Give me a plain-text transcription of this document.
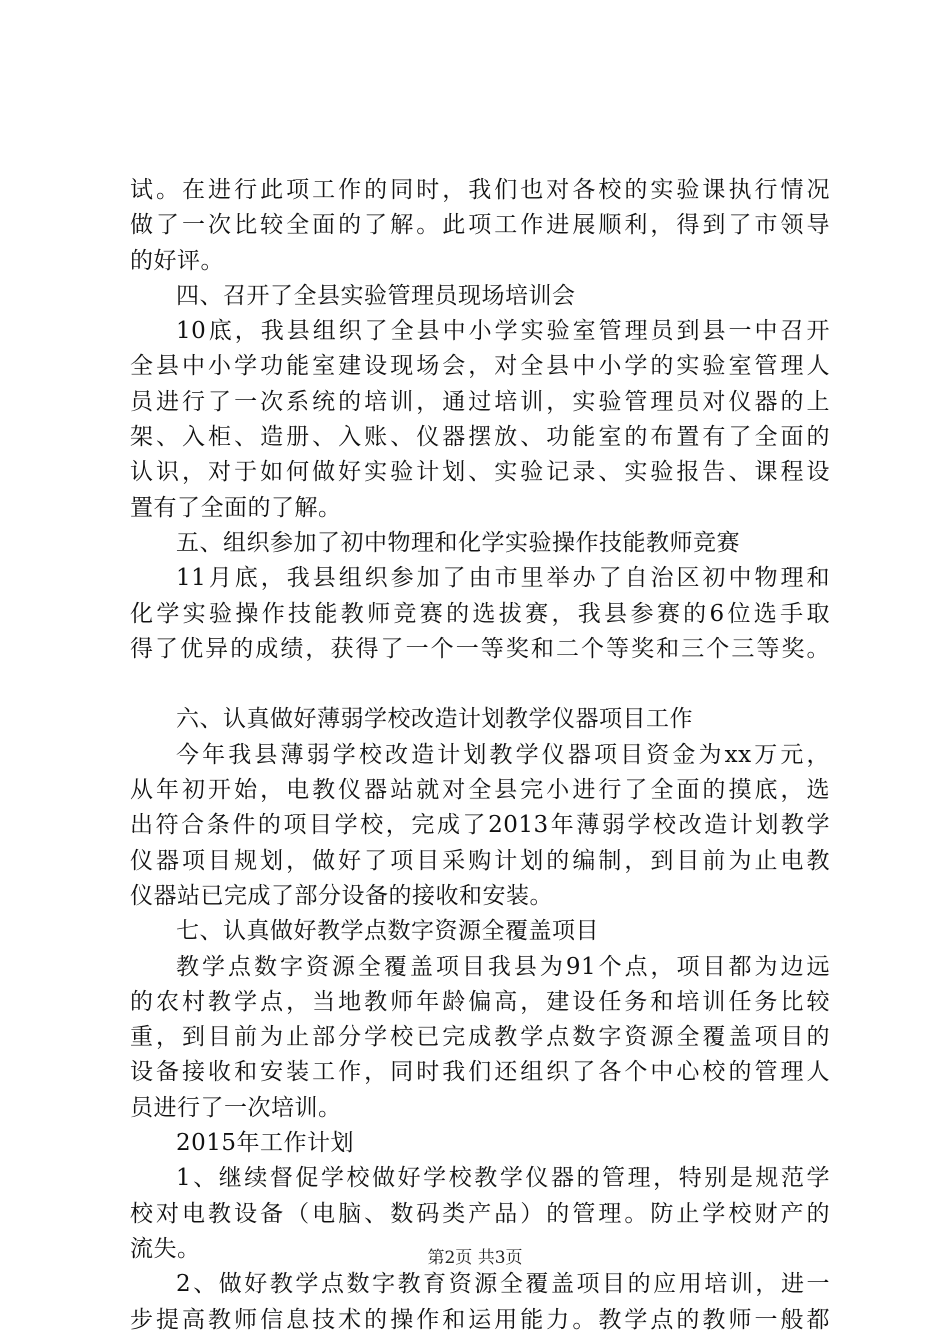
试。在进行此项工作的同时，我们也对各校的实验课执行情况
做了一次比较全面的了解。此项工作进展顺利，得到了市领导
的好评。
四、召开了全县实验管理员现场培训会
10底，我县组织了全县中小学实验室管理员到县一中召开
全县中小学功能室建设现场会，对全县中小学的实验室管理人
员进行了一次系统的培训，通过培训，实验管理员对仪器的上
架、入柜、造册、入账、仪器摆放、功能室的布置有了全面的
认识，对于如何做好实验计划、实验记录、实验报告、课程设
置有了全面的了解。
五、组织参加了初中物理和化学实验操作技能教师竞赛
11月底，我县组织参加了由市里举办了自治区初中物理和
化学实验操作技能教师竞赛的选拔赛，我县参赛的6位选手取
得了优异的成绩，获得了一个一等奖和二个等奖和三个三等奖。
六、认真做好薄弱学校改造计划教学仪器项目工作
今年我县薄弱学校改造计划教学仪器项目资金为xx万元，
从年初开始，电教仪器站就对全县完小进行了全面的摸底，选
出符合条件的项目学校，完成了2013年薄弱学校改造计划教学
仪器项目规划，做好了项目采购计划的编制，到目前为止电教
仪器站已完成了部分设备的接收和安装。
七、认真做好教学点数字资源全覆盖项目
教学点数字资源全覆盖项目我县为91个点，项目都为边远
的农村教学点，当地教师年龄偏高，建设任务和培训任务比较
重，到目前为止部分学校已完成教学点数字资源全覆盖项目的
设备接收和安装工作，同时我们还组织了各个中心校的管理人
员进行了一次培训。
2015年工作计划
1、继续督促学校做好学校教学仪器的管理，特别是规范学
校对电教设备（电脑、数码类产品）的管理。防止学校财产的
流失。
2、做好教学点数字教育资源全覆盖项目的应用培训，进一
步提高教师信息技术的操作和运用能力。教学点的教师一般都
第2页 共3页
